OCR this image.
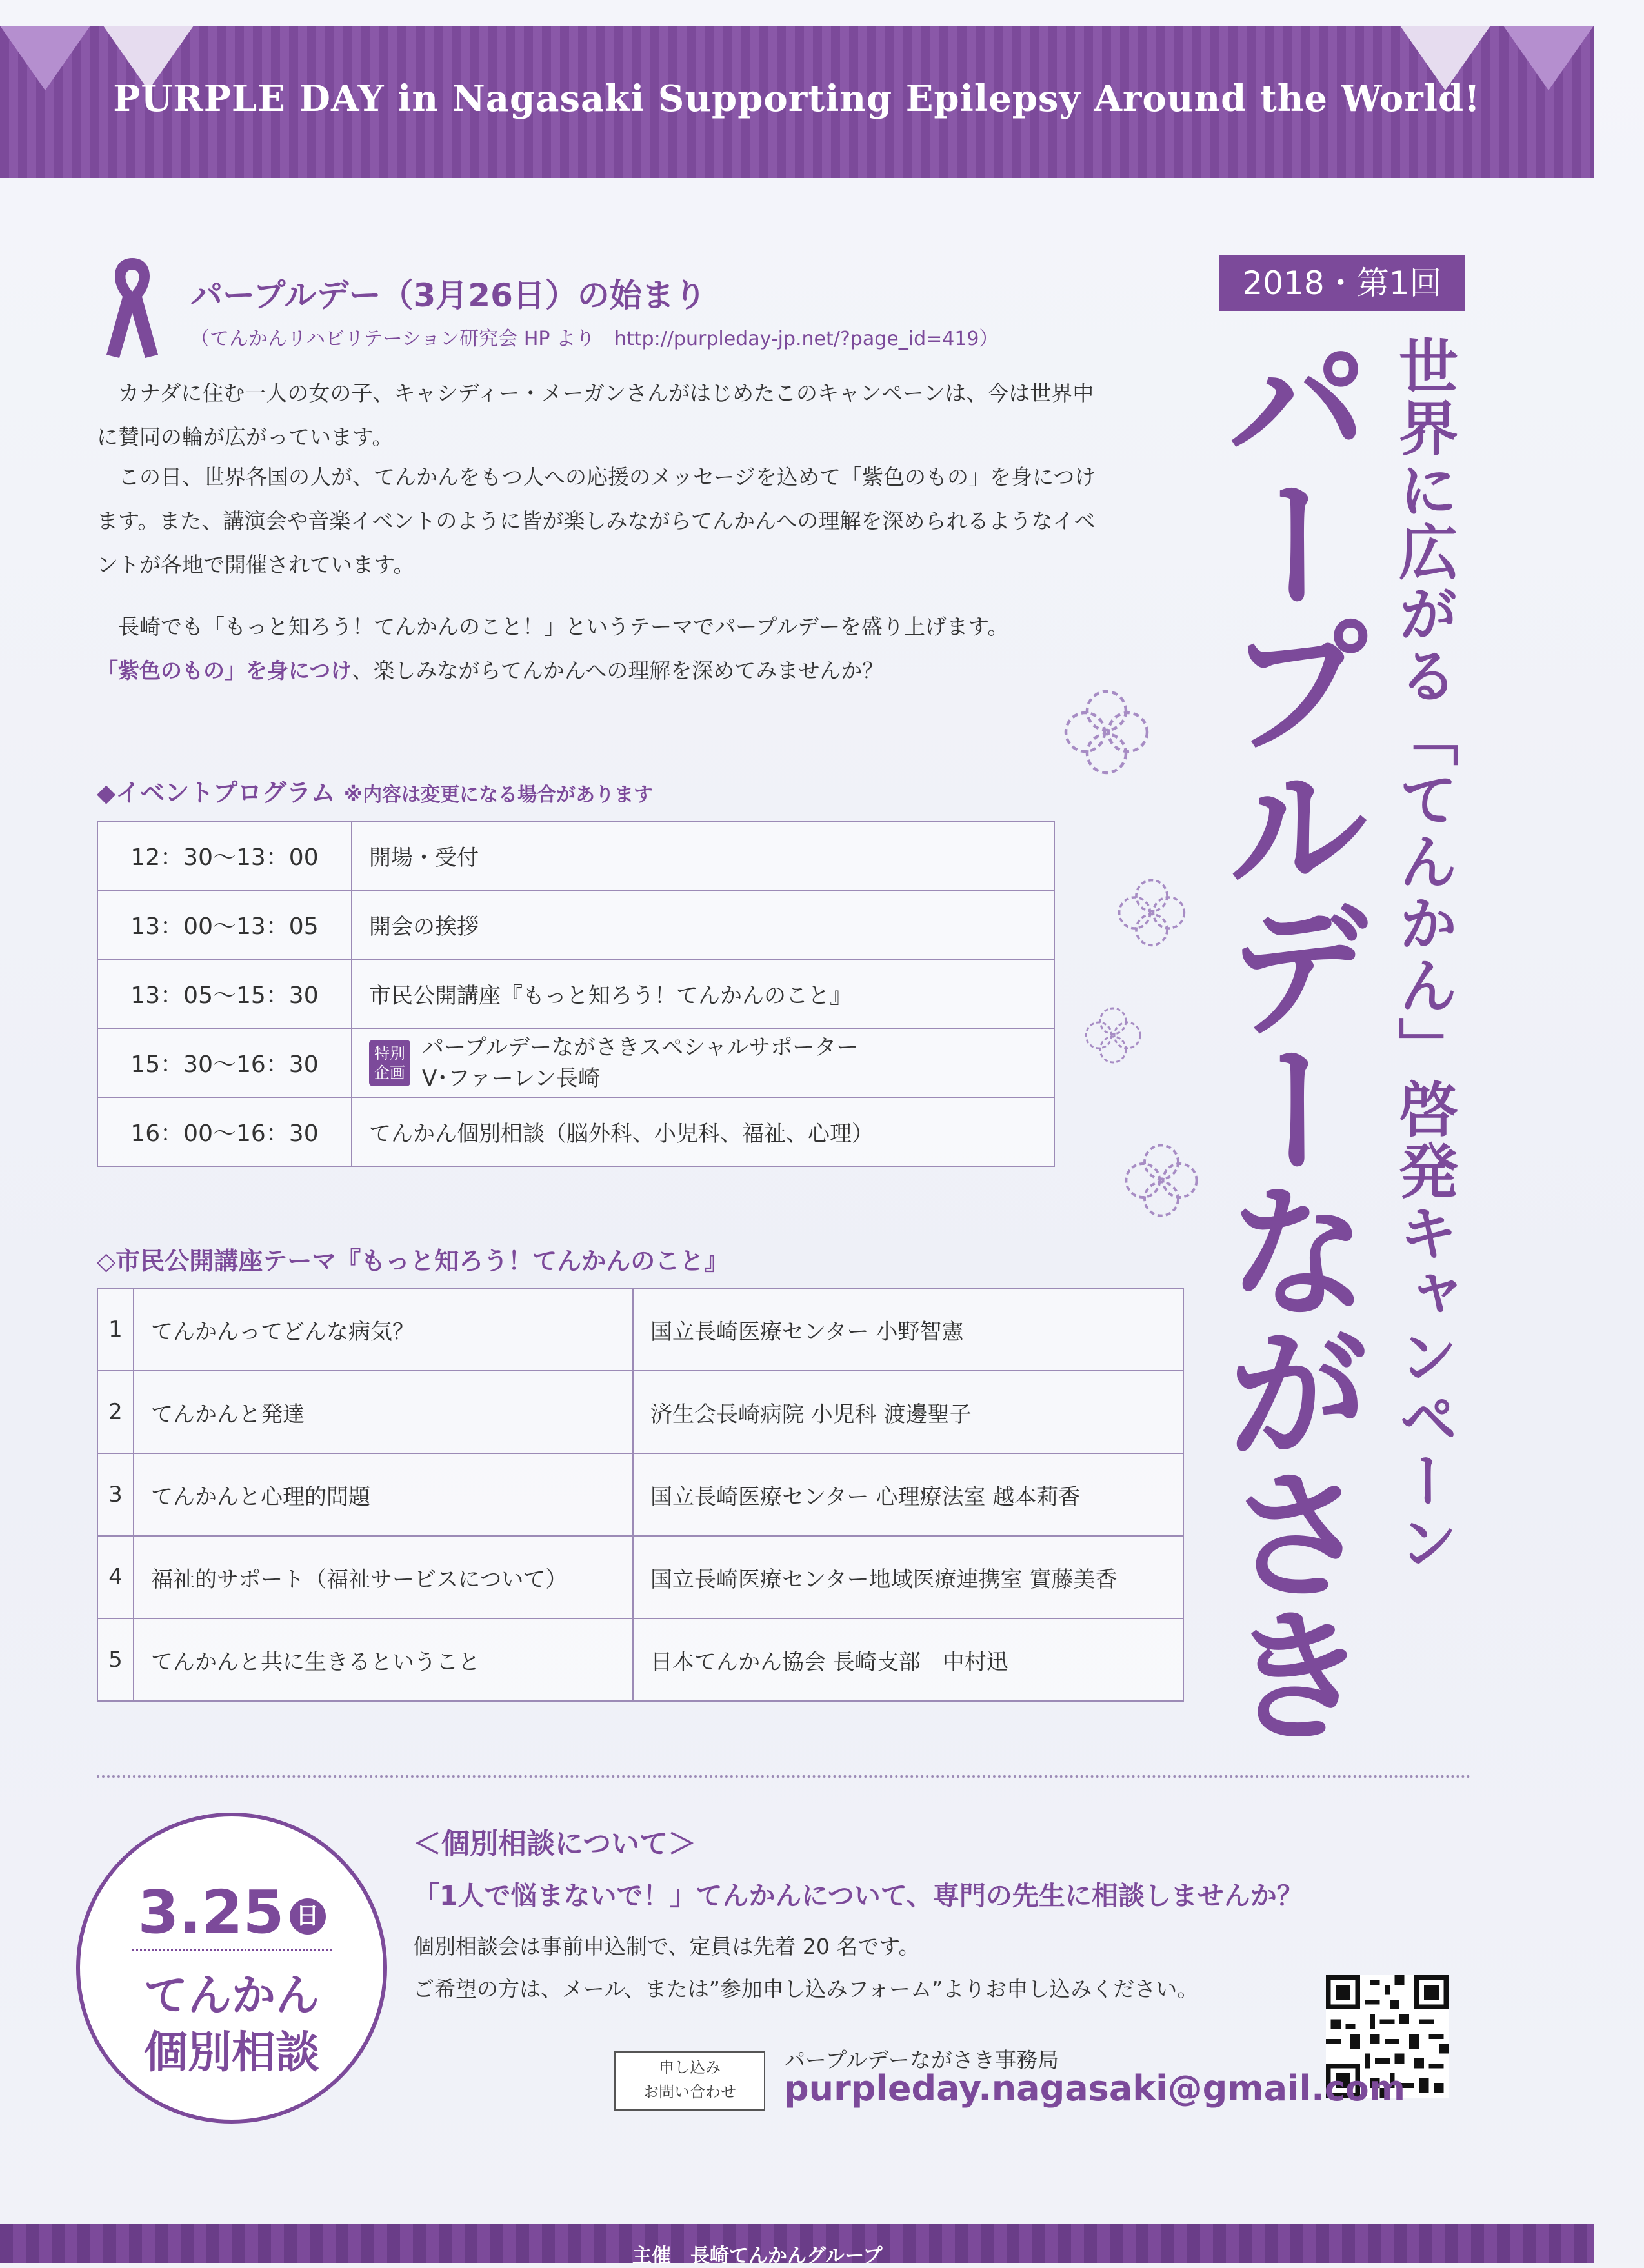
PURPLE DAY in Nagasaki Supporting Epilepsy Around the World!
パープルデー（3月26日）の始まり
（てんかんリハビリテーション研究会 HP より　http://purpleday-jp.net/?page_id=419）
カナダに住む一人の女の子、キャシディー・メーガンさんがはじめたこのキャンペーンは、今は世界中に賛同の輪が広がっています。
この日、世界各国の人が、てんかんをもつ人への応援のメッセージを込めて「紫色のもの」を身につけます。また、講演会や音楽イベントのように皆が楽しみながらてんかんへの理解を深められるようなイベントが各地で開催されています。
長崎でも「もっと知ろう！てんかんのこと！」というテーマでパープルデーを盛り上げます。
「紫色のもの」を身につけ、楽しみながらてんかんへの理解を深めてみませんか？
2018・第1回
世界に広がる「てんかん」啓発キャンペーン
パープルデーながさき
◆イベントプログラム ※内容は変更になる場合があります
12：30～13：00	開場・受付
13：00～13：05	開会の挨拶
13：05～15：30	市民公開講座『もっと知ろう！てんかんのこと』
15：30～16：30	特別
企画パープルデーながさきスペシャルサポーター
V･ファーレン長崎
16：00～16：30	てんかん個別相談（脳外科、小児科、福祉、心理）
◇市民公開講座テーマ『もっと知ろう！てんかんのこと』
1	てんかんってどんな病気？	国立長崎医療センター 小野智憲
2	てんかんと発達	済生会長崎病院 小児科 渡邊聖子
3	てんかんと心理的問題	国立長崎医療センター 心理療法室 越本莉香
4	福祉的サポート（福祉サービスについて）	国立長崎医療センター地域医療連携室 實藤美香
5	てんかんと共に生きるということ	日本てんかん協会 長崎支部　中村迅
3.25 日
てんかん
個別相談
＜個別相談について＞
「1人で悩まないで！」てんかんについて、専門の先生に相談しませんか？
個別相談会は事前申込制で、定員は先着 20 名です。
ご希望の方は、メール、または”参加申し込みフォーム”よりお申し込みください。
申し込み
お問い合わせ
パープルデーながさき事務局
purpleday.nagasaki@gmail.com
主催　長崎てんかんグループ
